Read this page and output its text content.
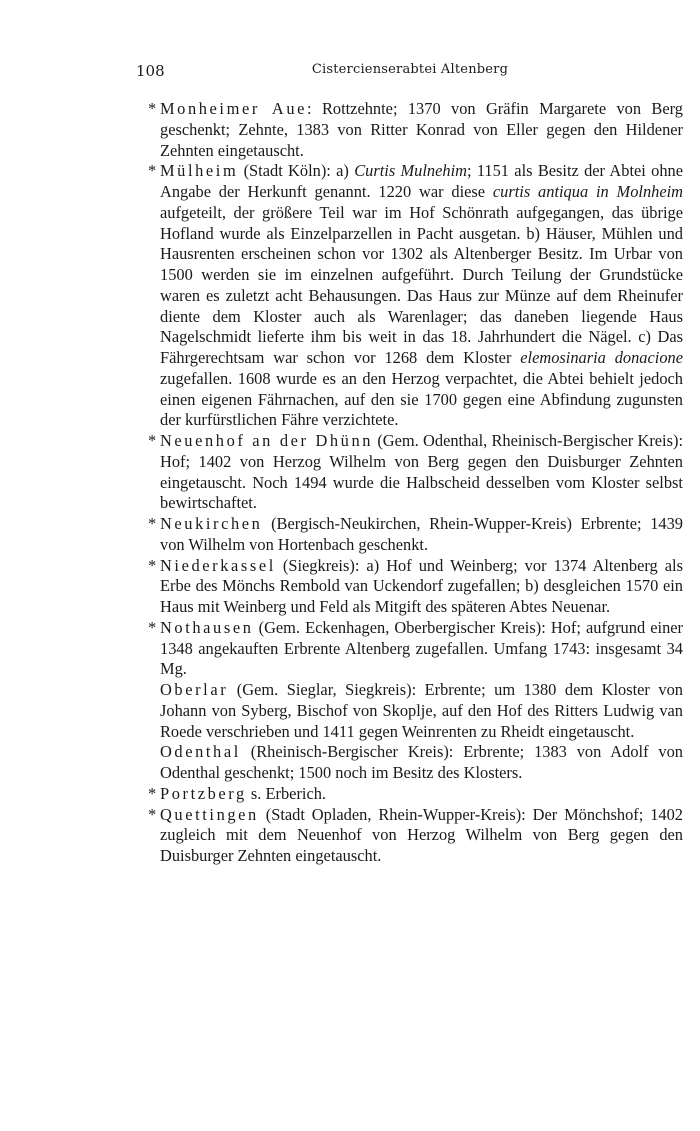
108	Cistercienserabtei Altenberg

* Monheimer Aue: Rottzehnte; 1370 von Gräfin Margarete von Berg geschenkt; Zehnte, 1383 von Ritter Konrad von Eller gegen den Hildener Zehnten eingetauscht.

* Mülheim (Stadt Köln): a) Curtis Mulnehim; 1151 als Besitz der Abtei ohne Angabe der Herkunft genannt. 1220 war diese curtis antiqua in Molnheim aufgeteilt, der größere Teil war im Hof Schönrath aufgegangen, das übrige Hofland wurde als Einzelparzellen in Pacht ausgetan. b) Häuser, Mühlen und Hausrenten erscheinen schon vor 1302 als Altenberger Besitz. Im Urbar von 1500 werden sie im einzelnen aufgeführt. Durch Teilung der Grundstücke waren es zuletzt acht Behausungen. Das Haus zur Münze auf dem Rheinufer diente dem Kloster auch als Warenlager; das daneben liegende Haus Nagelschmidt lieferte ihm bis weit in das 18. Jahrhundert die Nägel. c) Das Fährgerechtsam war schon vor 1268 dem Kloster elemosinaria donacione zugefallen. 1608 wurde es an den Herzog verpachtet, die Abtei behielt jedoch einen eigenen Fährnachen, auf den sie 1700 gegen eine Abfindung zugunsten der kurfürstlichen Fähre verzichtete.

* Neuenhof an der Dhünn (Gem. Odenthal, Rheinisch-Bergischer Kreis): Hof; 1402 von Herzog Wilhelm von Berg gegen den Duisburger Zehnten eingetauscht. Noch 1494 wurde die Halbscheid desselben vom Kloster selbst bewirtschaftet.

* Neukirchen (Bergisch-Neukirchen, Rhein-Wupper-Kreis) Erbrente; 1439 von Wilhelm von Hortenbach geschenkt.

* Niederkassel (Siegkreis): a) Hof und Weinberg; vor 1374 Altenberg als Erbe des Mönchs Rembold van Uckendorf zugefallen; b) desgleichen 1570 ein Haus mit Weinberg und Feld als Mitgift des späteren Abtes Neuenar.

* Nothausen (Gem. Eckenhagen, Oberbergischer Kreis): Hof; aufgrund einer 1348 angekauften Erbrente Altenberg zugefallen. Umfang 1743: insgesamt 34 Mg.

Oberlar (Gem. Sieglar, Siegkreis): Erbrente; um 1380 dem Kloster von Johann von Syberg, Bischof von Skoplje, auf den Hof des Ritters Ludwig van Roede verschrieben und 1411 gegen Weinrenten zu Rheidt eingetauscht.

Odenthal (Rheinisch-Bergischer Kreis): Erbrente; 1383 von Adolf von Odenthal geschenkt; 1500 noch im Besitz des Klosters.

* Portzberg s. Erberich.

* Quettingen (Stadt Opladen, Rhein-Wupper-Kreis): Der Mönchshof; 1402 zugleich mit dem Neuenhof von Herzog Wilhelm von Berg gegen den Duisburger Zehnten eingetauscht.
